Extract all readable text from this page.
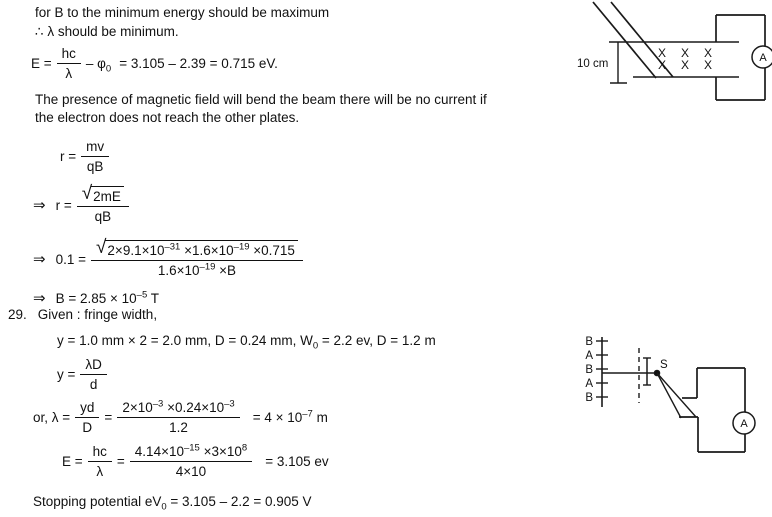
for B to the minimum energy should be maximum
∴ λ should be minimum.
$E = \frac{hc}{\lambda} - \varphi_0 = 3.105 - 2.39 = 0.715$ eV.
The presence of magnetic field will bend the beam there will be no current if
the electron does not reach the other plates.
$r = \frac{mv}{qB}$
⇒ $r = \frac{√ 2mE}{qB}$
⇒ $0.1 = \frac{√ 2\times 9.1\times 10^{-31} \times 1.6\times 10^{-19} \times 0.715}{1.6\times 10^{-19} \times B}$
⇒ $B = 2.85 \times 10^{-5}$ T
29. Given : fringe width,
y = 1.0 mm × 2 = 2.0 mm, D = 0.24 mm, $W_0 = 2.2$ ev, D = 1.2 m
$y = \frac{\lambda D}{d}$
or, $\lambda = \frac{yd}{D} = \frac{2\times 10^{-3} \times 0.24\times 10^{-3}}{1.2} = 4 \times 10^{-7}$ m
$E = \frac{hc}{\lambda} = \frac{4.14\times 10^{-15} \times 3\times 10^8}{4\times 10} = 3.105$ ev
Stopping potential $eV_0 = 3.105 - 2.2 = 0.905$ V
10 cm
X X X
X X X	A
B
A
B
A
B
S
A
